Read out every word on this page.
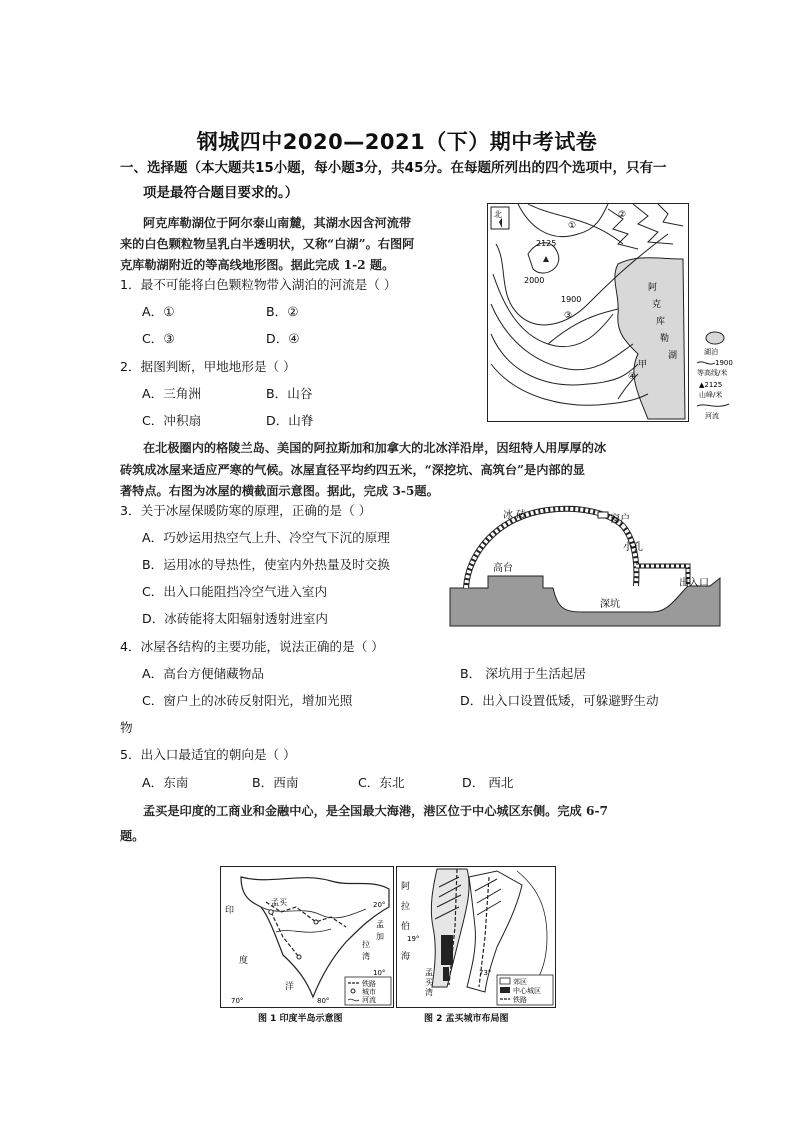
钢城四中2020—2021（下）期中考试卷
一、选择题（本大题共15小题，每小题3分，共45分。在每题所列出的四个选项中，只有一
项是最符合题目要求的。）
阿克库勒湖位于阿尔泰山南麓，其湖水因含河流带
来的白色颗粒物呈乳白半透明状，又称“白湖”。右图阿
克库勒湖附近的等高线地形图。据此完成 1-2 题。
1．最不可能将白色颗粒物带入湖泊的河流是（ ）
A．①	B．②
C．③	D．④
2．据图判断，甲地地形是（ ）
A．三角洲	B．山谷
C．冲积扇	D．山脊
北
①
②
③
④
2125
2000
1900
甲
阿
克
库
勒
湖	湖泊
1900
等高线/米
▲2125
山峰/米
河流
在北极圈内的格陵兰岛、美国的阿拉斯加和加拿大的北冰洋沿岸，因纽特人用厚厚的冰
砖筑成冰屋来适应严寒的气候。冰屋直径平均约四五米，“深挖坑、高筑台”是内部的显
著特点。右图为冰屋的横截面示意图。据此，完成 3-5题。
3．关于冰屋保暖防寒的原理，正确的是（ ）
A．巧妙运用热空气上升、冷空气下沉的原理
B．运用冰的导热性，使室内外热量及时交换
C．出入口能阻挡冷空气进入室内
D．冰砖能将太阳辐射透射进室内
冰 砖	窗户
小孔
高台
出入口
深坑
4．冰屋各结构的主要功能，说法正确的是（ ）
A．高台方便储藏物品	B． 深坑用于生活起居
C．窗户上的冰砖反射阳光，增加光照	D．出入口设置低矮，可躲避野生动
物
5．出入口最适宜的朝向是（ ）
A．东南	B．西南	C．东北	D． 西北
孟买是印度的工商业和金融中心，是全国最大海港，港区位于中心城区东侧。完成 6-7
题。
孟买
印
度
洋
孟
加
拉
湾
20°
10°
70°	80°
铁路
城市
河流
图 1 印度半岛示意图
阿
拉
伯
海
19°
孟
买
湾
73°
郊区
中心城区
铁路
图 2 孟买城市布局图
